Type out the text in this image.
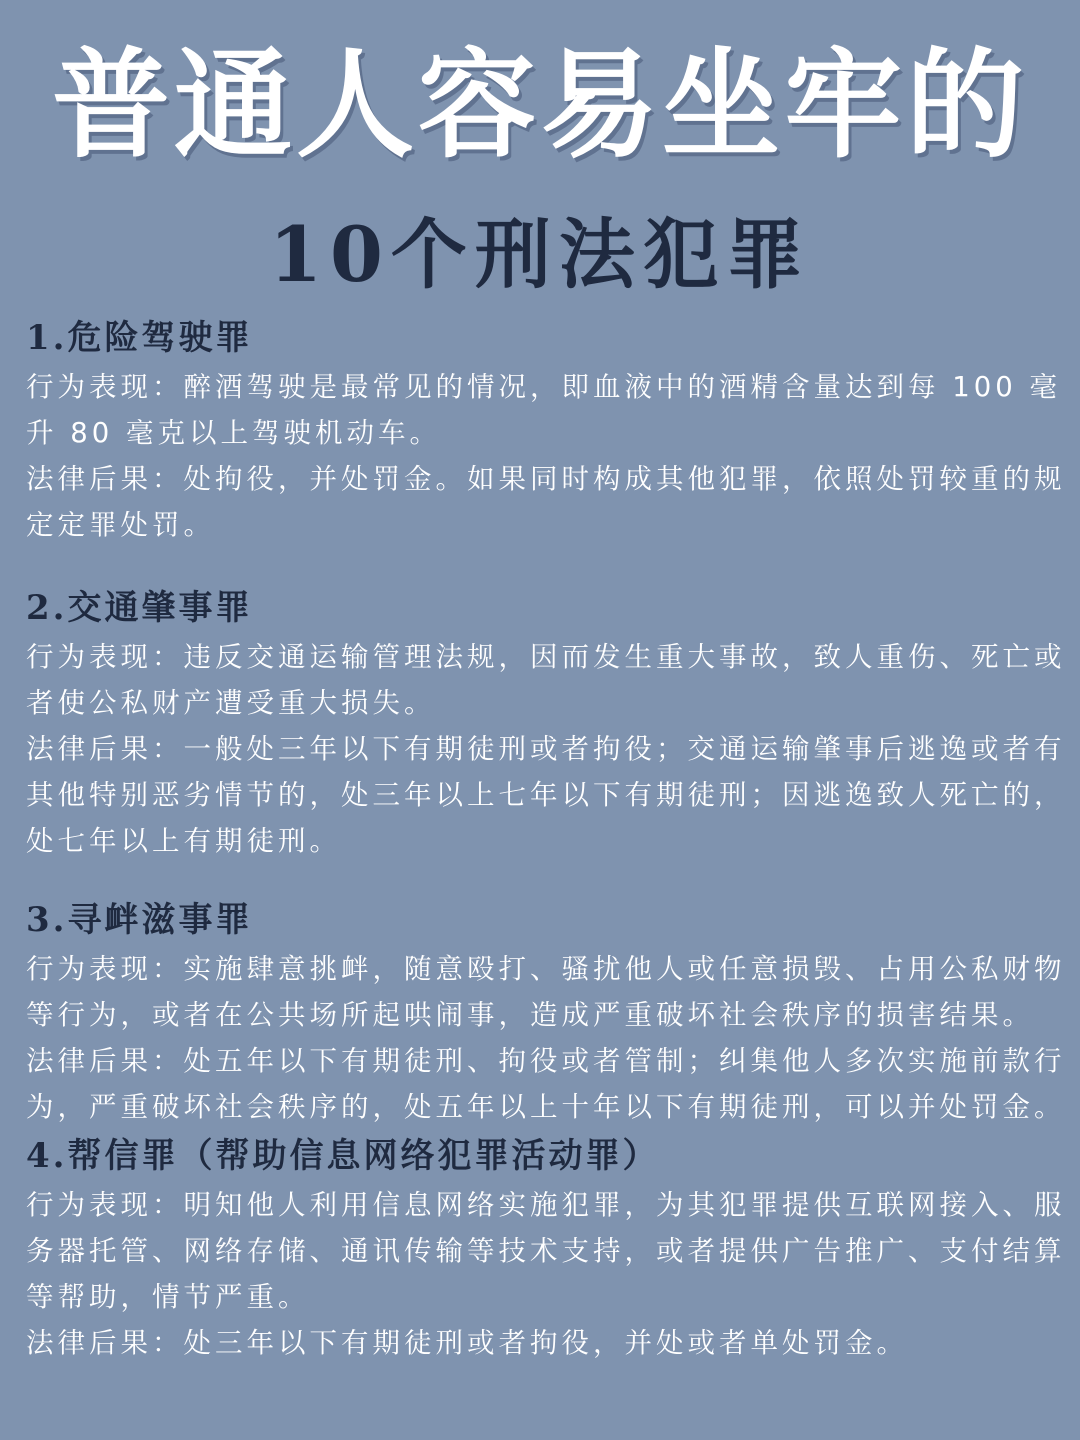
普通人容易坐牢的
10个刑法犯罪
1.危险驾驶罪
行为表现：醉酒驾驶是最常见的情况，即血液中的酒精含量达到每 100 毫升 80 毫克以上驾驶机动车。
法律后果：处拘役，并处罚金。如果同时构成其他犯罪，依照处罚较重的规定定罪处罚。
2.交通肇事罪
行为表现：违反交通运输管理法规，因而发生重大事故，致人重伤、死亡或者使公私财产遭受重大损失。
法律后果：一般处三年以下有期徒刑或者拘役；交通运输肇事后逃逸或者有其他特别恶劣情节的，处三年以上七年以下有期徒刑；因逃逸致人死亡的，处七年以上有期徒刑。
3.寻衅滋事罪
行为表现：实施肆意挑衅，随意殴打、骚扰他人或任意损毁、占用公私财物等行为，或者在公共场所起哄闹事，造成严重破坏社会秩序的损害结果。
法律后果：处五年以下有期徒刑、拘役或者管制；纠集他人多次实施前款行为，严重破坏社会秩序的，处五年以上十年以下有期徒刑，可以并处罚金。
4.帮信罪（帮助信息网络犯罪活动罪）
行为表现：明知他人利用信息网络实施犯罪，为其犯罪提供互联网接入、服务器托管、网络存储、通讯传输等技术支持，或者提供广告推广、支付结算等帮助，情节严重。
法律后果：处三年以下有期徒刑或者拘役，并处或者单处罚金。
